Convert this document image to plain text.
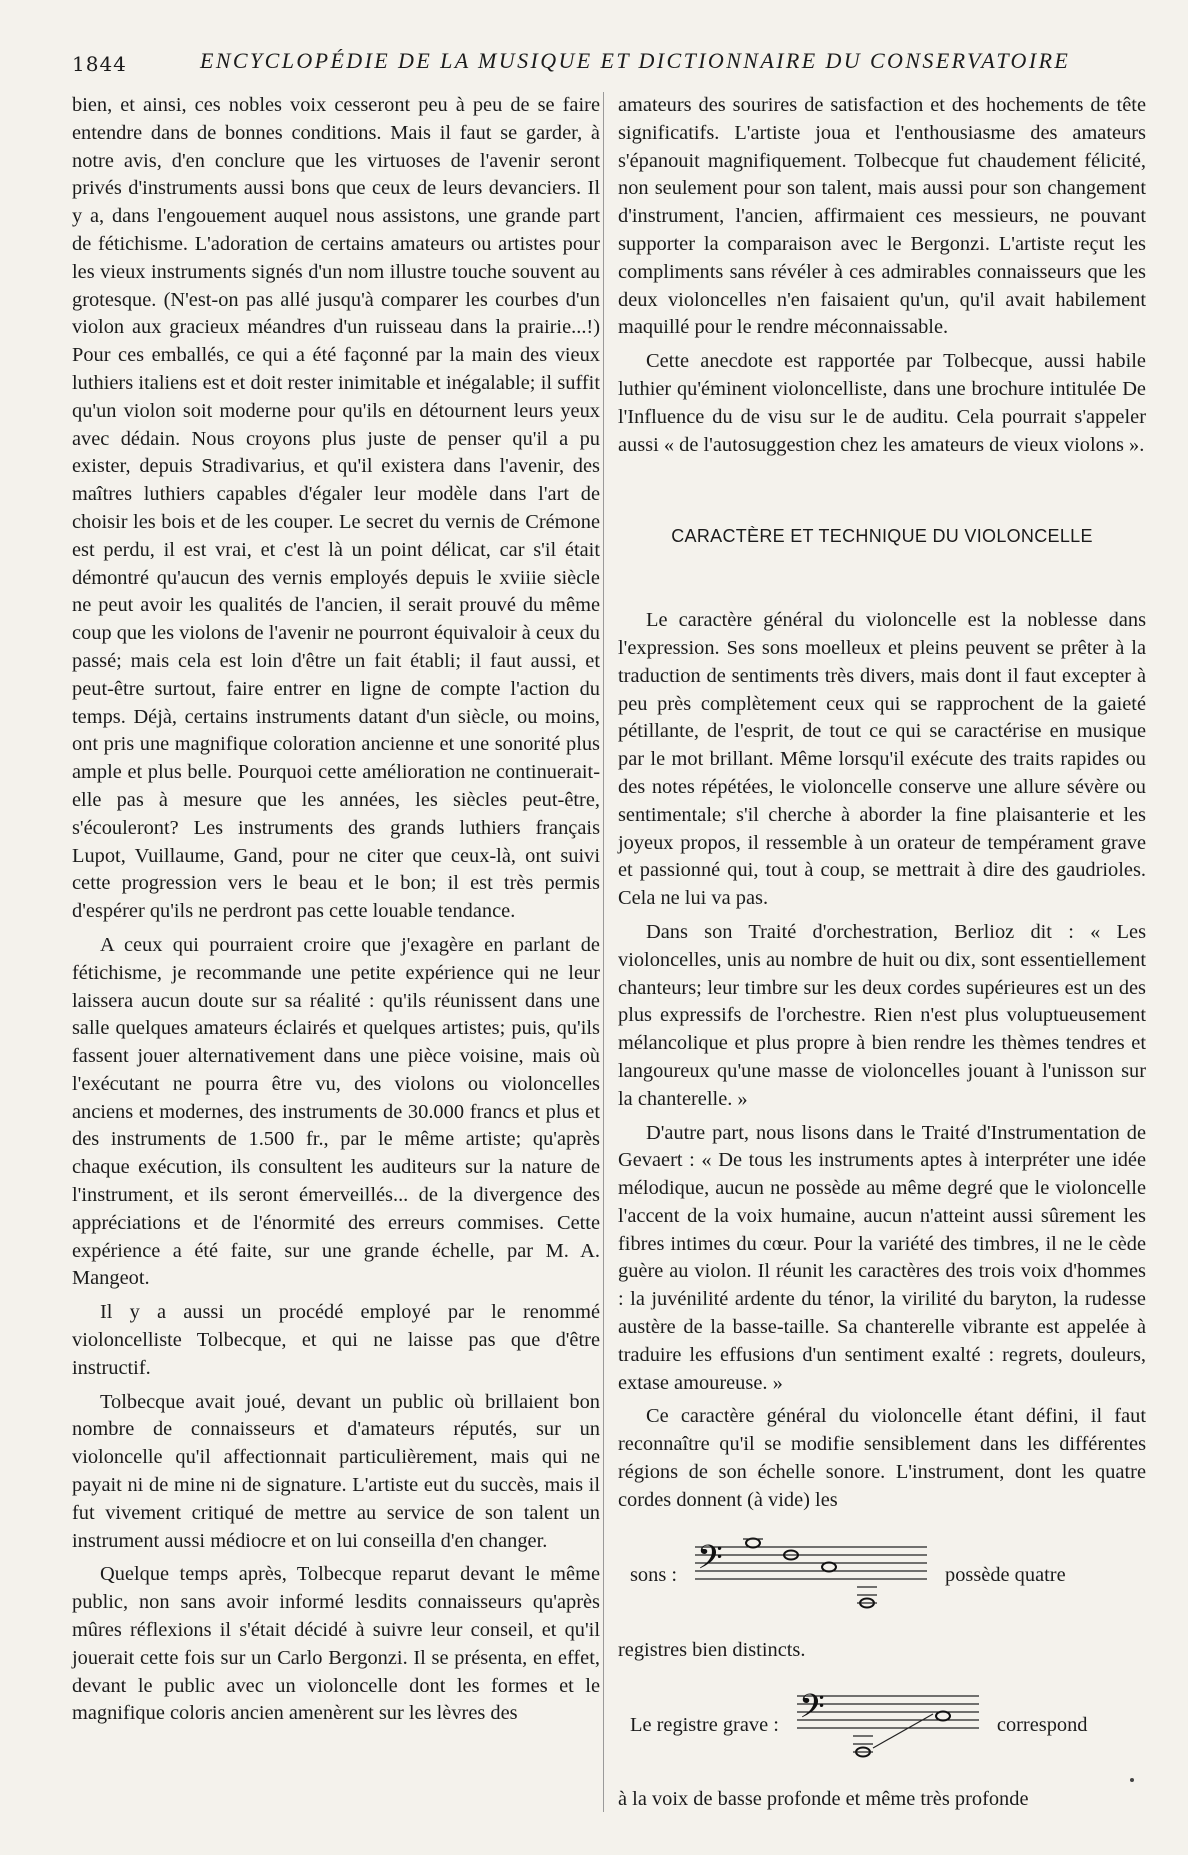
1844	ENCYCLOPÉDIE DE LA MUSIQUE ET DICTIONNAIRE DU CONSERVATOIRE

bien, et ainsi, ces nobles voix cesseront peu à peu de se faire entendre dans de bonnes conditions. Mais il faut se garder, à notre avis, d'en conclure que les virtuoses de l'avenir seront privés d'instruments aussi bons que ceux de leurs devanciers. Il y a, dans l'engouement auquel nous assistons, une grande part de fétichisme. L'adoration de certains amateurs ou artistes pour les vieux instruments signés d'un nom illustre touche souvent au grotesque. (N'est-on pas allé jusqu'à comparer les courbes d'un violon aux gracieux méandres d'un ruisseau dans la prairie...!) Pour ces emballés, ce qui a été façonné par la main des vieux luthiers italiens est et doit rester inimitable et inégalable; il suffit qu'un violon soit moderne pour qu'ils en détournent leurs yeux avec dédain. Nous croyons plus juste de penser qu'il a pu exister, depuis Stradivarius, et qu'il existera dans l'avenir, des maîtres luthiers capables d'égaler leur modèle dans l'art de choisir les bois et de les couper. Le secret du vernis de Crémone est perdu, il est vrai, et c'est là un point délicat, car s'il était démontré qu'aucun des vernis employés depuis le xviiie siècle ne peut avoir les qualités de l'ancien, il serait prouvé du même coup que les violons de l'avenir ne pourront équivaloir à ceux du passé; mais cela est loin d'être un fait établi; il faut aussi, et peut-être surtout, faire entrer en ligne de compte l'action du temps. Déjà, certains instruments datant d'un siècle, ou moins, ont pris une magnifique coloration ancienne et une sonorité plus ample et plus belle. Pourquoi cette amélioration ne continuerait-elle pas à mesure que les années, les siècles peut-être, s'écouleront? Les instruments des grands luthiers français Lupot, Vuillaume, Gand, pour ne citer que ceux-là, ont suivi cette progression vers le beau et le bon; il est très permis d'espérer qu'ils ne perdront pas cette louable tendance.

A ceux qui pourraient croire que j'exagère en parlant de fétichisme, je recommande une petite expérience qui ne leur laissera aucun doute sur sa réalité : qu'ils réunissent dans une salle quelques amateurs éclairés et quelques artistes; puis, qu'ils fassent jouer alternativement dans une pièce voisine, mais où l'exécutant ne pourra être vu, des violons ou violoncelles anciens et modernes, des instruments de 30.000 francs et plus et des instruments de 1.500 fr., par le même artiste; qu'après chaque exécution, ils consultent les auditeurs sur la nature de l'instrument, et ils seront émerveillés... de la divergence des appréciations et de l'énormité des erreurs commises. Cette expérience a été faite, sur une grande échelle, par M. A. Mangeot.

Il y a aussi un procédé employé par le renommé violoncelliste Tolbecque, et qui ne laisse pas que d'être instructif.

Tolbecque avait joué, devant un public où brillaient bon nombre de connaisseurs et d'amateurs réputés, sur un violoncelle qu'il affectionnait particulièrement, mais qui ne payait ni de mine ni de signature. L'artiste eut du succès, mais il fut vivement critiqué de mettre au service de son talent un instrument aussi médiocre et on lui conseilla d'en changer.

Quelque temps après, Tolbecque reparut devant le même public, non sans avoir informé lesdits connaisseurs qu'après mûres réflexions il s'était décidé à suivre leur conseil, et qu'il jouerait cette fois sur un Carlo Bergonzi. Il se présenta, en effet, devant le public avec un violoncelle dont les formes et le magnifique coloris ancien amenèrent sur les lèvres des

amateurs des sourires de satisfaction et des hochements de tête significatifs. L'artiste joua et l'enthousiasme des amateurs s'épanouit magnifiquement. Tolbecque fut chaudement félicité, non seulement pour son talent, mais aussi pour son changement d'instrument, l'ancien, affirmaient ces messieurs, ne pouvant supporter la comparaison avec le Bergonzi. L'artiste reçut les compliments sans révéler à ces admirables connaisseurs que les deux violoncelles n'en faisaient qu'un, qu'il avait habilement maquillé pour le rendre méconnaissable.

Cette anecdote est rapportée par Tolbecque, aussi habile luthier qu'éminent violoncelliste, dans une brochure intitulée De l'Influence du de visu sur le de auditu. Cela pourrait s'appeler aussi « de l'autosuggestion chez les amateurs de vieux violons ».

CARACTÈRE ET TECHNIQUE DU VIOLONCELLE

Le caractère général du violoncelle est la noblesse dans l'expression. Ses sons moelleux et pleins peuvent se prêter à la traduction de sentiments très divers, mais dont il faut excepter à peu près complètement ceux qui se rapprochent de la gaieté pétillante, de l'esprit, de tout ce qui se caractérise en musique par le mot brillant. Même lorsqu'il exécute des traits rapides ou des notes répétées, le violoncelle conserve une allure sévère ou sentimentale; s'il cherche à aborder la fine plaisanterie et les joyeux propos, il ressemble à un orateur de tempérament grave et passionné qui, tout à coup, se mettrait à dire des gaudrioles. Cela ne lui va pas.

Dans son Traité d'orchestration, Berlioz dit : « Les violoncelles, unis au nombre de huit ou dix, sont essentiellement chanteurs; leur timbre sur les deux cordes supérieures est un des plus expressifs de l'orchestre. Rien n'est plus voluptueusement mélancolique et plus propre à bien rendre les thèmes tendres et langoureux qu'une masse de violoncelles jouant à l'unisson sur la chanterelle. »

D'autre part, nous lisons dans le Traité d'Instrumentation de Gevaert : « De tous les instruments aptes à interpréter une idée mélodique, aucun ne possède au même degré que le violoncelle l'accent de la voix humaine, aucun n'atteint aussi sûrement les fibres intimes du cœur. Pour la variété des timbres, il ne le cède guère au violon. Il réunit les caractères des trois voix d'hommes : la juvénilité ardente du ténor, la virilité du baryton, la rudesse austère de la basse-taille. Sa chanterelle vibrante est appelée à traduire les effusions d'un sentiment exalté : regrets, douleurs, extase amoureuse. »

Ce caractère général du violoncelle étant défini, il faut reconnaître qu'il se modifie sensiblement dans les différentes régions de son échelle sonore. L'instrument, dont les quatre cordes donnent (à vide) les

sons : 𝄢	possède quatre
registres bien distincts.
Le registre grave : 𝄢	correspond
à la voix de basse profonde et même très profonde
